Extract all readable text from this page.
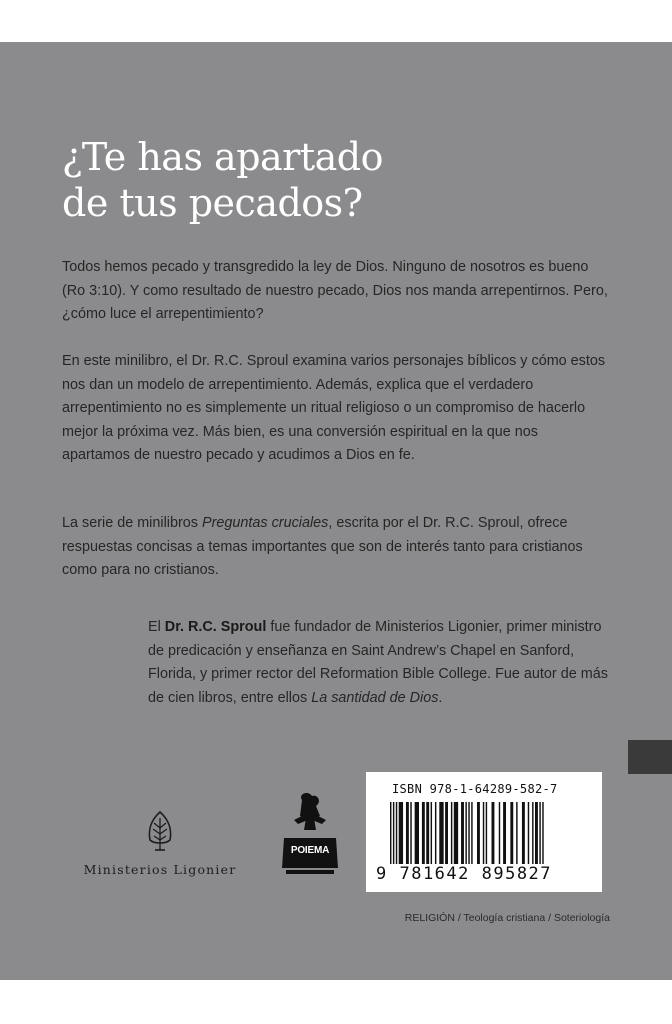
¿Te has apartado
de tus pecados?

Todos hemos pecado y transgredido la ley de Dios. Ninguno de nosotros es bueno (Ro 3:10). Y como resultado de nuestro pecado, Dios nos manda arrepentirnos. Pero, ¿cómo luce el arrepentimiento?

En este minilibro, el Dr. R.C. Sproul examina varios personajes bíblicos y cómo estos nos dan un modelo de arrepentimiento. Además, explica que el verdadero arrepentimiento no es simplemente un ritual religioso o un compromiso de hacerlo mejor la próxima vez. Más bien, es una conversión espiritual en la que nos apartamos de nuestro pecado y acudimos a Dios en fe.

La serie de minilibros Preguntas cruciales, escrita por el Dr. R.C. Sproul, ofrece respuestas concisas a temas importantes que son de interés tanto para cristianos como para no cristianos.

El Dr. R.C. Sproul fue fundador de Ministerios Ligonier, primer ministro de predicación y enseñanza en Saint Andrew’s Chapel en Sanford, Florida, y primer rector del Reformation Bible College. Fue autor de más de cien libros, entre ellos La santidad de Dios.

Ministerios Ligonier
POIEMA
ISBN 978-1-64289-582-7
9 781642 895827
RELIGIÓN / Teología cristiana / Soteriología
